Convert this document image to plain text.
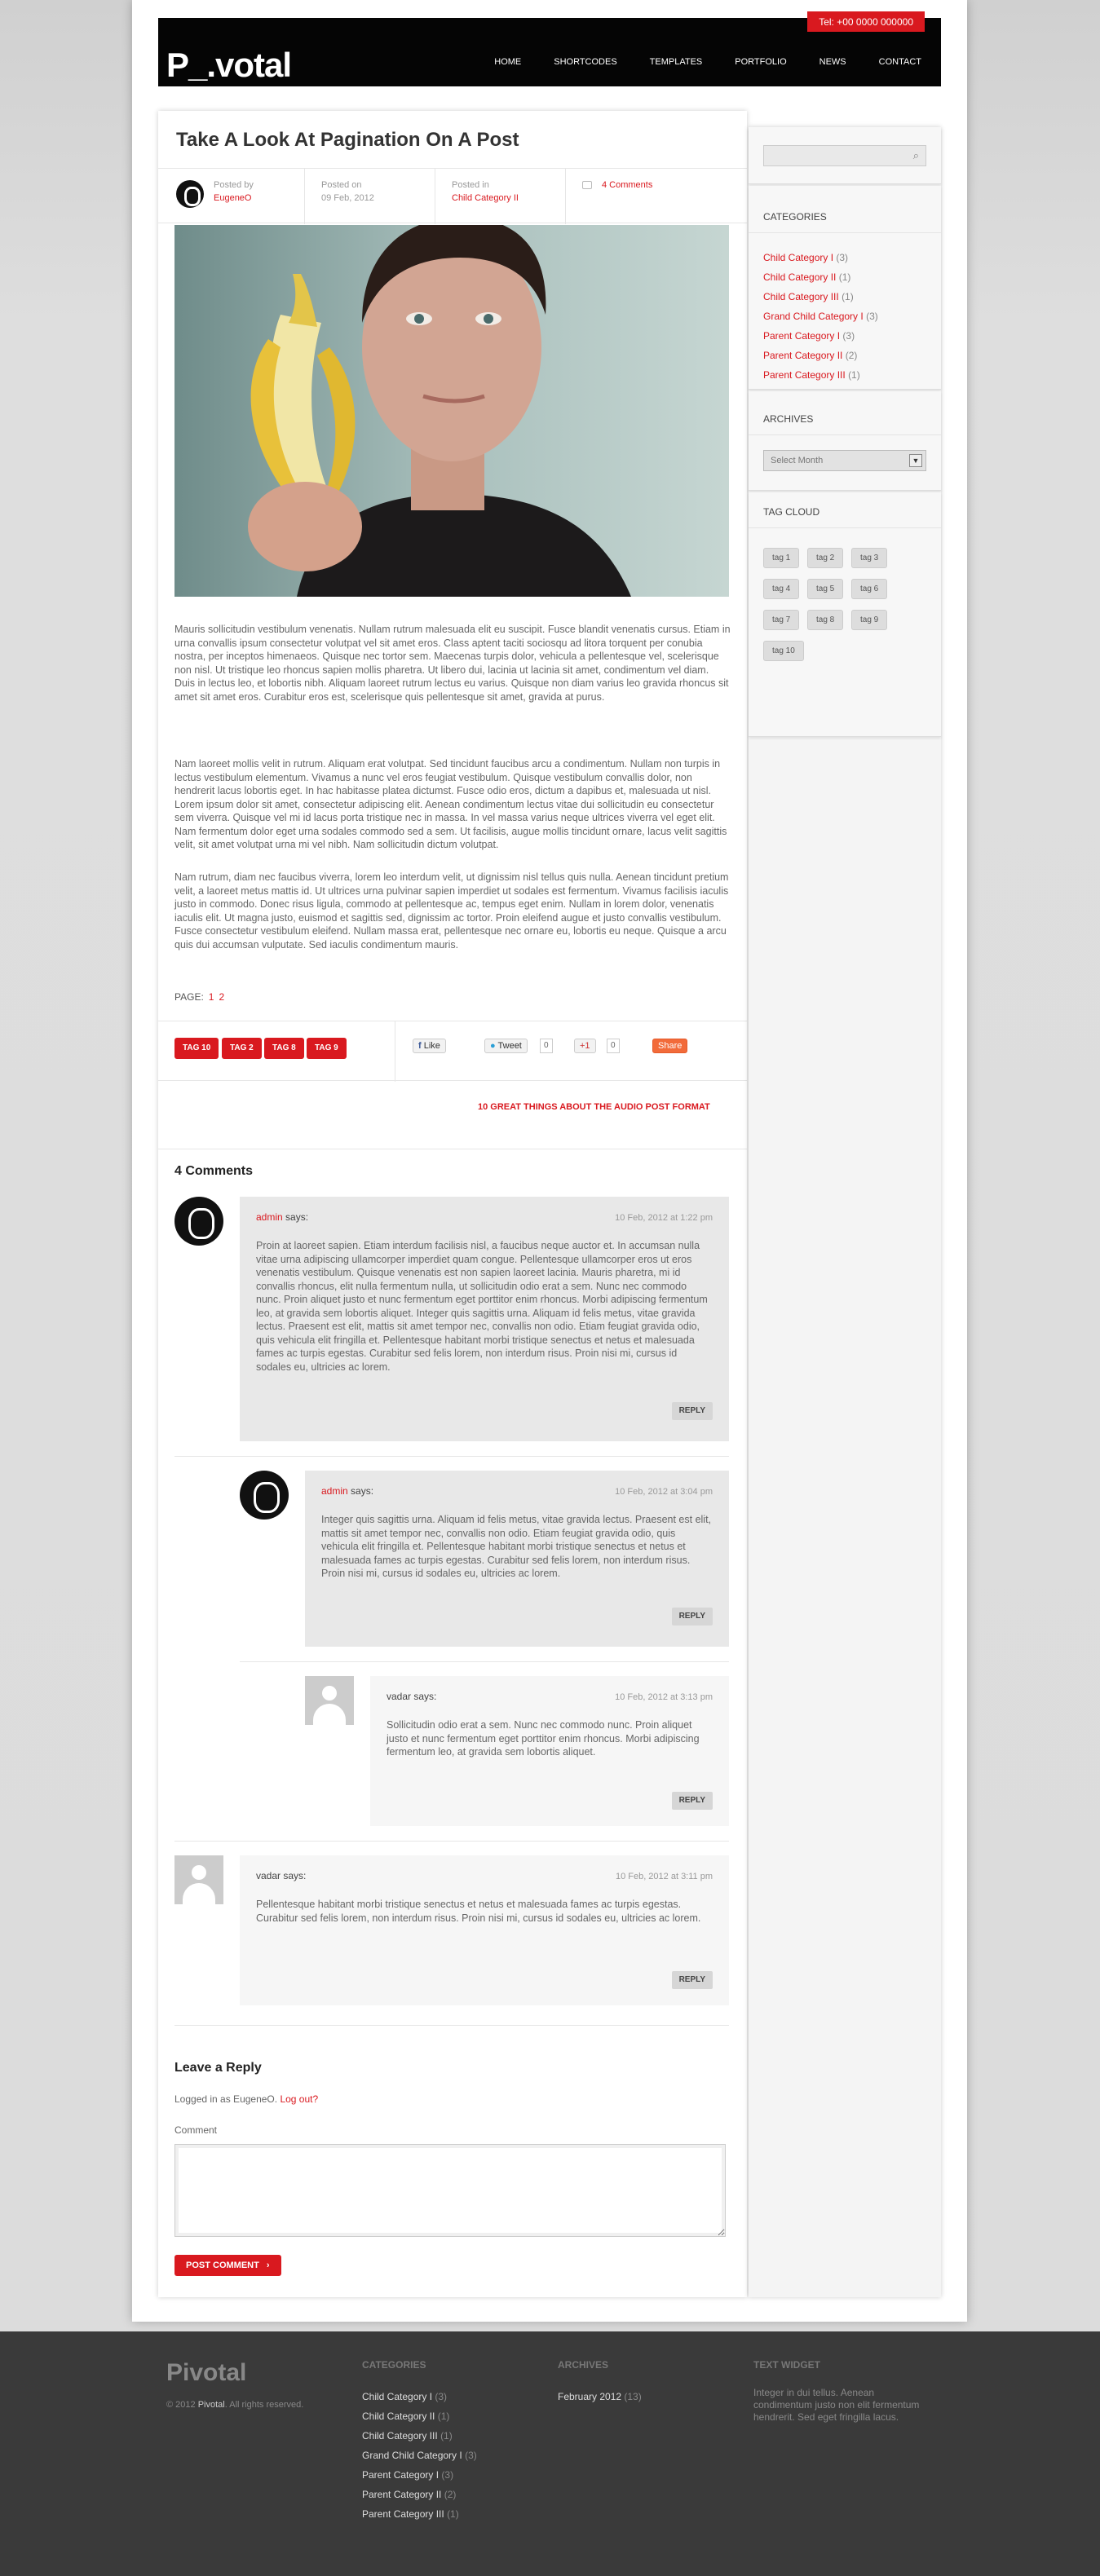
Tel: +00 0000 000000
P_.votal	HOME	SHORTCODES	TEMPLATES	PORTFOLIO	NEWS	CONTACT
Take A Look At Pagination On A Post
Posted by
EugeneO
Posted on
09 Feb, 2012
Posted in
Child Category II
4 Comments

Mauris sollicitudin vestibulum venenatis. Nullam rutrum malesuada elit eu suscipit. Fusce blandit venenatis cursus. Etiam in urna convallis ipsum consectetur volutpat vel sit amet eros. Class aptent taciti sociosqu ad litora torquent per conubia nostra, per inceptos himenaeos. Quisque nec tortor sem. Maecenas turpis dolor, vehicula a pellentesque vel, scelerisque non nisl. Ut tristique leo rhoncus sapien mollis pharetra. Ut libero dui, lacinia ut lacinia sit amet, condimentum vel diam. Duis in lectus leo, et lobortis nibh. Aliquam laoreet rutrum lectus eu varius. Quisque non diam varius leo gravida rhoncus sit amet sit amet eros. Curabitur eros est, scelerisque quis pellentesque sit amet, gravida at purus.

Nam laoreet mollis velit in rutrum. Aliquam erat volutpat. Sed tincidunt faucibus arcu a condimentum. Nullam non turpis in lectus vestibulum elementum. Vivamus a nunc vel eros feugiat vestibulum. Quisque vestibulum convallis dolor, non hendrerit lacus lobortis eget. In hac habitasse platea dictumst. Fusce odio eros, dictum a dapibus et, malesuada ut nisl. Lorem ipsum dolor sit amet, consectetur adipiscing elit. Aenean condimentum lectus vitae dui sollicitudin eu consectetur sem viverra. Quisque vel mi id lacus porta tristique nec in massa. In vel massa varius neque ultrices viverra vel eget elit. Nam fermentum dolor eget urna sodales commodo sed a sem. Ut facilisis, augue mollis tincidunt ornare, lacus velit sagittis velit, sit amet volutpat urna mi vel nibh. Nam sollicitudin dictum volutpat.

Nam rutrum, diam nec faucibus viverra, lorem leo interdum velit, ut dignissim nisl tellus quis nulla. Aenean tincidunt pretium velit, a laoreet metus mattis id. Ut ultrices urna pulvinar sapien imperdiet ut sodales est fermentum. Vivamus facilisis iaculis justo in commodo. Donec risus ligula, commodo at pellentesque ac, tempus eget enim. Nullam in lorem dolor, venenatis iaculis elit. Ut magna justo, euismod et sagittis sed, dignissim ac tortor. Proin eleifend augue et justo convallis vestibulum. Fusce consectetur vestibulum eleifend. Nullam massa erat, pellentesque nec ornare eu, lobortis eu neque. Quisque a arcu quis dui accumsan vulputate. Sed iaculis condimentum mauris.

PAGE: 1 2
TAG 10	TAG 2	TAG 8	TAG 9	f Like	● Tweet	0	+1	0	Share
10 GREAT THINGS ABOUT THE AUDIO POST FORMAT
4 Comments
admin says:	10 Feb, 2012 at 1:22 pm
Proin at laoreet sapien. Etiam interdum facilisis nisl, a faucibus neque auctor et. In accumsan nulla vitae urna adipiscing ullamcorper imperdiet quam congue. Pellentesque ullamcorper eros ut eros venenatis vestibulum. Quisque venenatis est non sapien laoreet lacinia. Mauris pharetra, mi id convallis rhoncus, elit nulla fermentum nulla, ut sollicitudin odio erat a sem. Nunc nec commodo nunc. Proin aliquet justo et nunc fermentum eget porttitor enim rhoncus. Morbi adipiscing fermentum leo, at gravida sem lobortis aliquet. Integer quis sagittis urna. Aliquam id felis metus, vitae gravida lectus. Praesent est elit, mattis sit amet tempor nec, convallis non odio. Etiam feugiat gravida odio, quis vehicula elit fringilla et. Pellentesque habitant morbi tristique senectus et netus et malesuada fames ac turpis egestas. Curabitur sed felis lorem, non interdum risus. Proin nisi mi, cursus id sodales eu, ultricies ac lorem.
REPLY
admin says:	10 Feb, 2012 at 3:04 pm
Integer quis sagittis urna. Aliquam id felis metus, vitae gravida lectus. Praesent est elit, mattis sit amet tempor nec, convallis non odio. Etiam feugiat gravida odio, quis vehicula elit fringilla et. Pellentesque habitant morbi tristique senectus et netus et malesuada fames ac turpis egestas. Curabitur sed felis lorem, non interdum risus. Proin nisi mi, cursus id sodales eu, ultricies ac lorem.
REPLY
vadar says:	10 Feb, 2012 at 3:13 pm
Sollicitudin odio erat a sem. Nunc nec commodo nunc. Proin aliquet justo et nunc fermentum eget porttitor enim rhoncus. Morbi adipiscing fermentum leo, at gravida sem lobortis aliquet.
REPLY
vadar says:	10 Feb, 2012 at 3:11 pm
Pellentesque habitant morbi tristique senectus et netus et malesuada fames ac turpis egestas. Curabitur sed felis lorem, non interdum risus. Proin nisi mi, cursus id sodales eu, ultricies ac lorem.
REPLY
Leave a Reply
Logged in as EugeneO. Log out?
Comment
POST COMMENT ›
⌕
CATEGORIES
Child Category I (3)
Child Category II (1)
Child Category III (1)
Grand Child Category I (3)
Parent Category I (3)
Parent Category II (2)
Parent Category III (1)
ARCHIVES
Select Month	▼
TAG CLOUD
tag 1	tag 2	tag 3
tag 4	tag 5	tag 6
tag 7	tag 8	tag 9
tag 10
Pivotal
© 2012 Pivotal. All rights reserved.
CATEGORIES
Child Category I (3)
Child Category II (1)
Child Category III (1)
Grand Child Category I (3)
Parent Category I (3)
Parent Category II (2)
Parent Category III (1)
ARCHIVES
February 2012 (13)
TEXT WIDGET
Integer in dui tellus. Aenean condimentum justo non elit fermentum hendrerit. Sed eget fringilla lacus.
